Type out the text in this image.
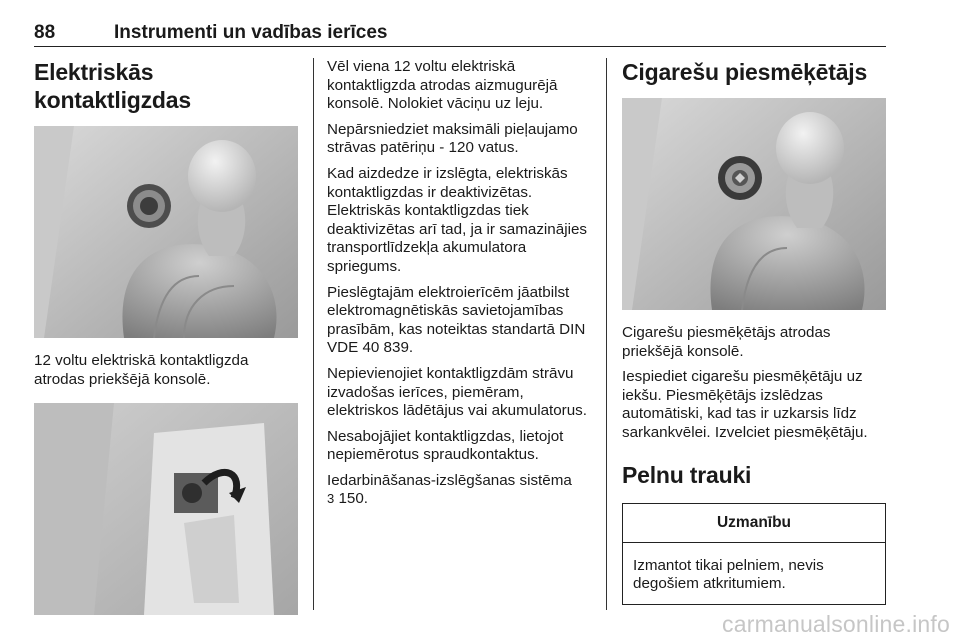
88	Instrumenti un vadības ierīces
Elektriskās kontaktligzdas

12 voltu elektriskā kontaktligzda atrodas priekšējā konsolē.

Vēl viena 12 voltu elektriskā kontaktligzda atrodas aizmugurējā konsolē. Nolokiet vāciņu uz leju.

Nepārsniedziet maksimāli pieļaujamo strāvas patēriņu - 120 vatus.

Kad aizdedze ir izslēgta, elektriskās kontaktligzdas ir deaktivizētas. Elektriskās kontaktligzdas tiek deaktivizētas arī tad, ja ir samazinājies transportlīdzekļa akumulatora spriegums.

Pieslēgtajām elektroierīcēm jāatbilst elektromagnētiskās savietojamības prasībām, kas noteiktas standartā DIN VDE 40 839.

Nepievienojiet kontaktligzdām strāvu izvadošas ierīces, piemēram, elektriskos lādētājus vai akumulatorus.

Nesabojājiet kontaktligzdas, lietojot nepiemērotus spraudkontaktus.

Iedarbināšanas-izslēgšanas sistēma
3 150.

Cigarešu piesmēķētājs

Cigarešu piesmēķētājs atrodas priekšējā konsolē.

Iespiediet cigarešu piesmēķētāju uz iekšu. Piesmēķētājs izslēdzas automātiski, kad tas ir uzkarsis līdz sarkankvēlei. Izvelciet piesmēķētāju.

Pelnu trauki
Uzmanību
Izmantot tikai pelniem, nevis degošiem atkritumiem.
carmanualsonline.info
